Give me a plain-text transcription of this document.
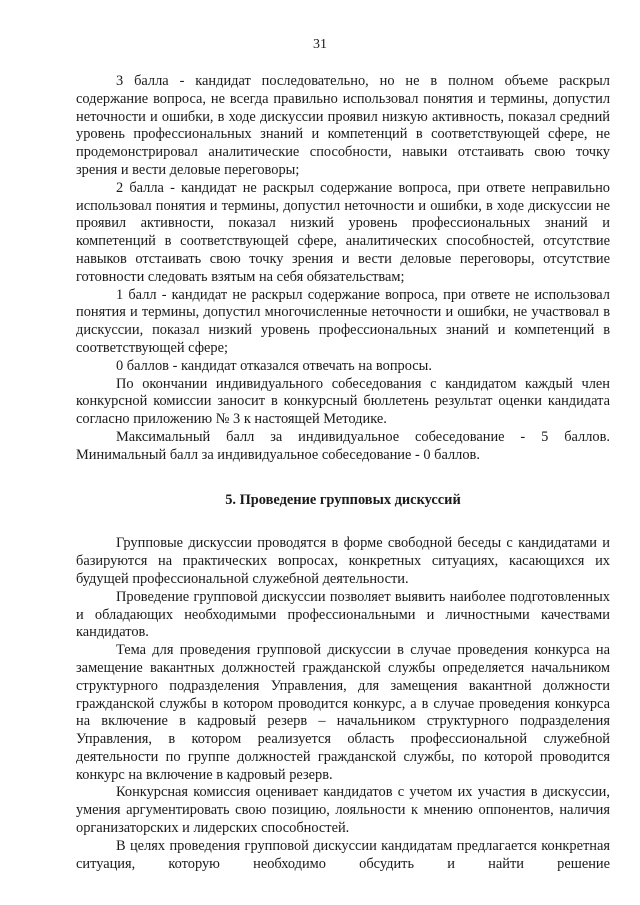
31

3 балла - кандидат последовательно, но не в полном объеме раскрыл содержание вопроса, не всегда правильно использовал понятия и термины, допустил неточности и ошибки, в ходе дискуссии проявил низкую активность, показал средний уровень профессиональных знаний и компетенций в соответствующей сфере, не продемонстрировал аналитические способности, навыки отстаивать свою точку зрения и вести деловые переговоры;

2 балла - кандидат не раскрыл содержание вопроса, при ответе неправильно использовал понятия и термины, допустил неточности и ошибки, в ходе дискуссии не проявил активности, показал низкий уровень профессиональных знаний и компетенций в соответствующей сфере, аналитических способностей, отсутствие навыков отстаивать свою точку зрения и вести деловые переговоры, отсутствие готовности следовать взятым на себя обязательствам;

1 балл - кандидат не раскрыл содержание вопроса, при ответе не использовал понятия и термины, допустил многочисленные неточности и ошибки, не участвовал в дискуссии, показал низкий уровень профессиональных знаний и компетенций в соответствующей сфере;

0 баллов - кандидат отказался отвечать на вопросы.

По окончании индивидуального собеседования с кандидатом каждый член конкурсной комиссии заносит в конкурсный бюллетень результат оценки кандидата согласно приложению № 3 к настоящей Методике.

Максимальный балл за индивидуальное собеседование - 5 баллов. Минимальный балл за индивидуальное собеседование - 0 баллов.

5. Проведение групповых дискуссий

Групповые дискуссии проводятся в форме свободной беседы с кандидатами и базируются на практических вопросах, конкретных ситуациях, касающихся их будущей профессиональной служебной деятельности.

Проведение групповой дискуссии позволяет выявить наиболее подготовленных и обладающих необходимыми профессиональными и личностными качествами кандидатов.

Тема для проведения групповой дискуссии в случае проведения конкурса на замещение вакантных должностей гражданской службы определяется начальником структурного подразделения Управления, для замещения вакантной должности гражданской службы в котором проводится конкурс, а в случае проведения конкурса на включение в кадровый резерв – начальником структурного подразделения Управления, в котором реализуется область профессиональной служебной деятельности по группе должностей гражданской службы, по которой проводится конкурс на включение в кадровый резерв.

Конкурсная комиссия оценивает кандидатов с учетом их участия в дискуссии, умения аргументировать свою позицию, лояльности к мнению оппонентов, наличия организаторских и лидерских способностей.

В целях проведения групповой дискуссии кандидатам предлагается конкретная ситуация, которую необходимо обсудить и найти решение
